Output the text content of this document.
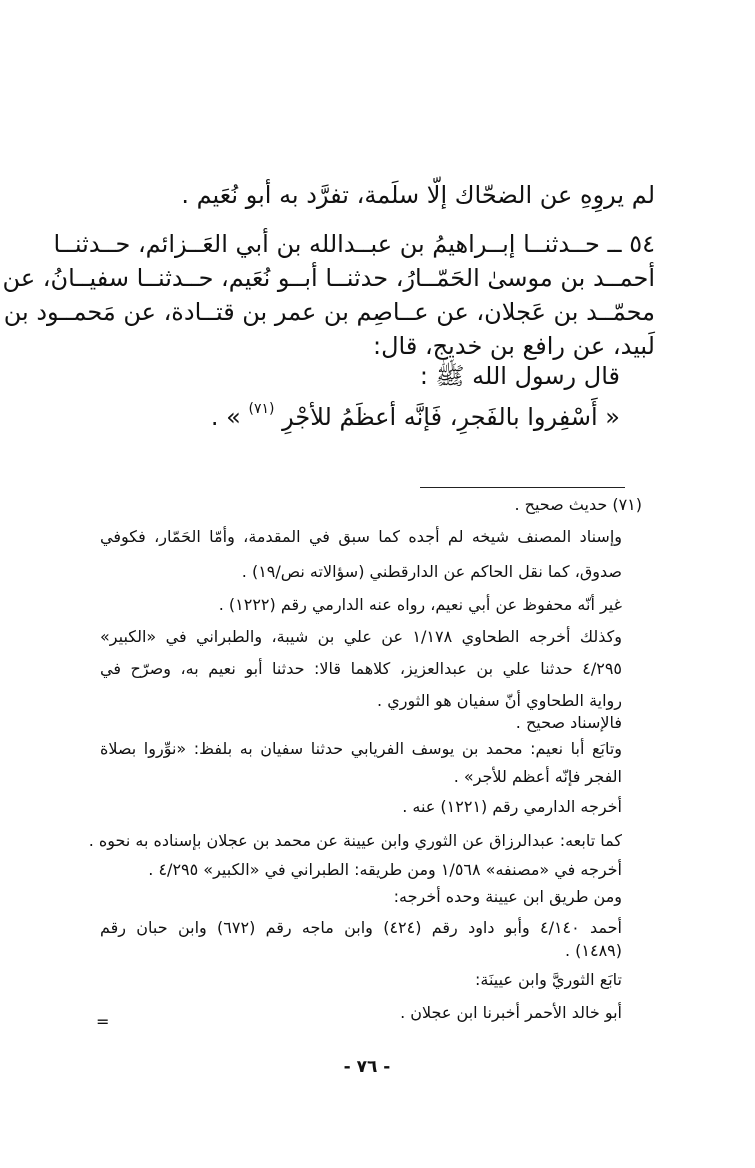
لم يروِهِ عن الضحّاك إلّا سلَمة، تفرَّد به أبو نُعَيم .
٥٤ ــ حــدثنــا إبــراهيمُ بن عبــدالله بن أبي العَــزائم، حــدثنــا
أحمــد بن موسىٰ الحَمّــارُ، حدثنــا أبــو نُعَيم، حــدثنــا سفيــانُ، عن
محمّــد بن عَجلان، عن عــاصِم بن عمر بن قتــادة، عن مَحمــود بن
لَبيد، عن رافع بن خديج، قال:
قال رسول الله ﷺ :
« أَسْفِروا بالفَجرِ، فَإنَّه أعظَمُ للأجْرِ $^{(٧١)}$ » .
(٧١) حديث صحيح .
وإسناد المصنف شيخه لم أجده كما سبق في المقدمة، وأمّا الحَمّار، فكوفي
صدوق، كما نقل الحاكم عن الدارقطني (سؤالاته نص/١٩) .
غير أنّه محفوظ عن أبي نعيم، رواه عنه الدارمي رقم (١٢٢٢) .
وكذلك أخرجه الطحاوي ١/١٧٨ عن علي بن شيبة، والطبراني في «الكبير»
٤/٢٩٥ حدثنا علي بن عبدالعزيز، كلاهما قالا: حدثنا أبو نعيم به، وصرّح في
رواية الطحاوي أنّ سفيان هو الثوري .
فالإسناد صحيح .
وتابَع أبا نعيم: محمد بن يوسف الفريابي حدثنا سفيان به بلفظ: «نوِّروا بصلاة
الفجر فإنّه أعظم للأجر» .
أخرجه الدارمي رقم (١٢٢١) عنه .
كما تابعه: عبدالرزاق عن الثوري وابن عيينة عن محمد بن عجلان بإسناده به نحوه .
أخرجه في «مصنفه» ١/٥٦٨ ومن طريقه: الطبراني في «الكبير» ٤/٢٩٥ .
ومن طريق ابن عيينة وحده أخرجه:
أحمد ٤/١٤٠ وأبو داود رقم (٤٢٤) وابن ماجه رقم (٦٧٢) وابن حبان رقم
(١٤٨٩) .
تابَع الثوريَّ وابن عيينَة:
أبو خالد الأحمر أخبرنا ابن عجلان .
=
- ٧٦ -
